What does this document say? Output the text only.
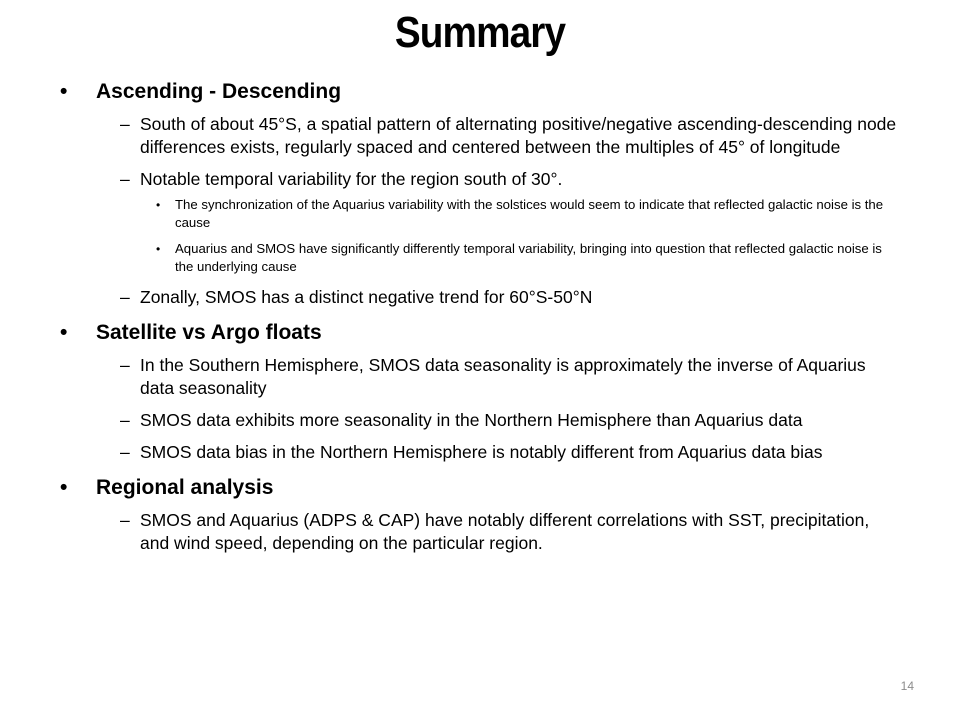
Summary
• Ascending - Descending
– South of about 45°S, a spatial pattern of alternating positive/negative ascending-descending node differences exists, regularly spaced and centered between the multiples of 45° of longitude
– Notable temporal variability for the region south of 30°.
• The synchronization of the Aquarius variability with the solstices would seem to indicate that reflected galactic noise is the cause
• Aquarius and SMOS have significantly differently temporal variability, bringing into question that reflected galactic noise is the underlying cause
– Zonally, SMOS has a distinct negative trend for 60°S-50°N
• Satellite vs Argo floats
– In the Southern Hemisphere, SMOS data seasonality is approximately the inverse of Aquarius data seasonality
– SMOS data exhibits more seasonality in the Northern Hemisphere than Aquarius data
– SMOS data bias in the Northern Hemisphere is notably different from Aquarius data bias
• Regional analysis
– SMOS and Aquarius (ADPS & CAP) have notably different correlations with SST, precipitation, and wind speed, depending on the particular region.
14
